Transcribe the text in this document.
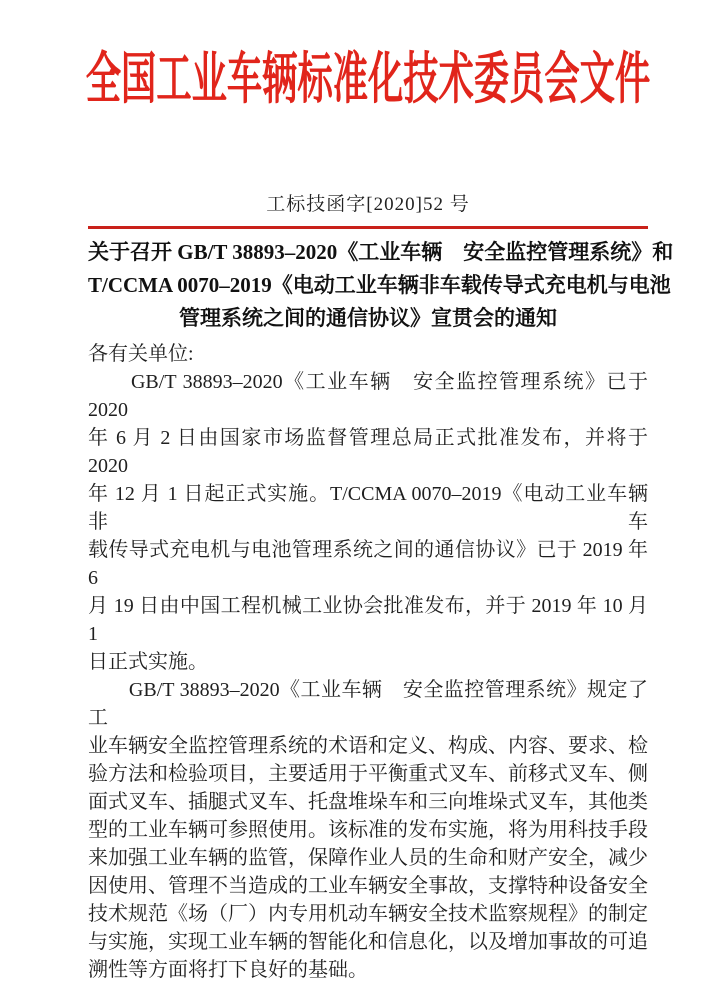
全国工业车辆标准化技术委员会文件
工标技函字[2020]52 号
关于召开 GB/T 38893–2020《工业车辆　安全监控管理系统》和
T/CCMA 0070–2019《电动工业车辆非车载传导式充电机与电池
管理系统之间的通信协议》宣贯会的通知
各有关单位:
　　GB/T 38893–2020《工业车辆　安全监控管理系统》已于 2020
年 6 月 2 日由国家市场监督管理总局正式批准发布，并将于 2020
年 12 月 1 日起正式实施。T/CCMA 0070–2019《电动工业车辆非车
载传导式充电机与电池管理系统之间的通信协议》已于 2019 年 6
月 19 日由中国工程机械工业协会批准发布，并于 2019 年 10 月 1
日正式实施。
　　GB/T 38893–2020《工业车辆　安全监控管理系统》规定了工
业车辆安全监控管理系统的术语和定义、构成、内容、要求、检
验方法和检验项目，主要适用于平衡重式叉车、前移式叉车、侧
面式叉车、插腿式叉车、托盘堆垛车和三向堆垛式叉车，其他类
型的工业车辆可参照使用。该标准的发布实施，将为用科技手段
来加强工业车辆的监管，保障作业人员的生命和财产安全，减少
因使用、管理不当造成的工业车辆安全事故，支撑特种设备安全
技术规范《场（厂）内专用机动车辆安全技术监察规程》的制定
与实施，实现工业车辆的智能化和信息化，以及增加事故的可追
溯性等方面将打下良好的基础。
